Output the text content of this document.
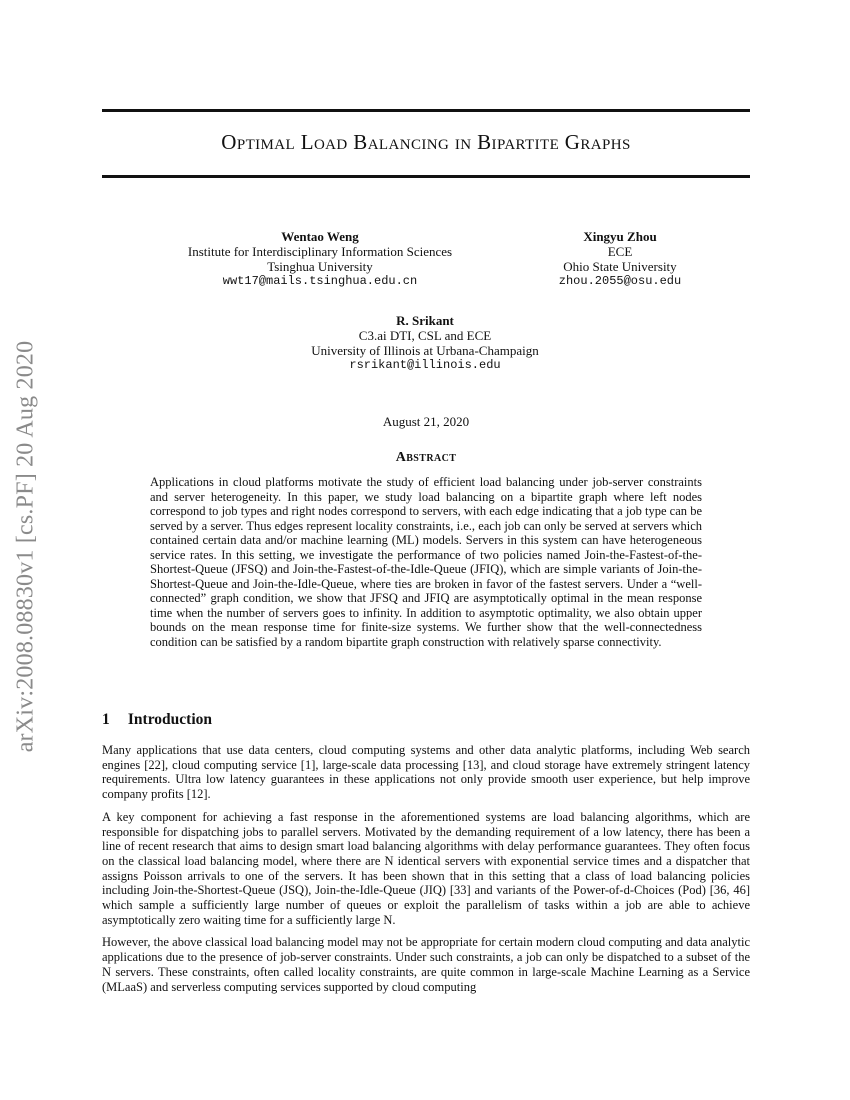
arXiv:2008.08830v1 [cs.PF] 20 Aug 2020
Optimal Load Balancing in Bipartite Graphs
Wentao Weng
Institute for Interdisciplinary Information Sciences
Tsinghua University
wwt17@mails.tsinghua.edu.cn
Xingyu Zhou
ECE
Ohio State University
zhou.2055@osu.edu
R. Srikant
C3.ai DTI, CSL and ECE
University of Illinois at Urbana-Champaign
rsrikant@illinois.edu
August 21, 2020
Abstract
Applications in cloud platforms motivate the study of efficient load balancing under job-server constraints and server heterogeneity. In this paper, we study load balancing on a bipartite graph where left nodes correspond to job types and right nodes correspond to servers, with each edge indicating that a job type can be served by a server. Thus edges represent locality constraints, i.e., each job can only be served at servers which contained certain data and/or machine learning (ML) models. Servers in this system can have heterogeneous service rates. In this setting, we investigate the performance of two policies named Join-the-Fastest-of-the-Shortest-Queue (JFSQ) and Join-the-Fastest-of-the-Idle-Queue (JFIQ), which are simple variants of Join-the-Shortest-Queue and Join-the-Idle-Queue, where ties are broken in favor of the fastest servers. Under a “well-connected” graph condition, we show that JFSQ and JFIQ are asymptotically optimal in the mean response time when the number of servers goes to infinity. In addition to asymptotic optimality, we also obtain upper bounds on the mean response time for finite-size systems. We further show that the well-connectedness condition can be satisfied by a random bipartite graph construction with relatively sparse connectivity.
1 Introduction

Many applications that use data centers, cloud computing systems and other data analytic platforms, including Web search engines [22], cloud computing service [1], large-scale data processing [13], and cloud storage have extremely stringent latency requirements. Ultra low latency guarantees in these applications not only provide smooth user experience, but help improve company profits [12].

A key component for achieving a fast response in the aforementioned systems are load balancing algorithms, which are responsible for dispatching jobs to parallel servers. Motivated by the demanding requirement of a low latency, there has been a line of recent research that aims to design smart load balancing algorithms with delay performance guarantees. They often focus on the classical load balancing model, where there are N identical servers with exponential service times and a dispatcher that assigns Poisson arrivals to one of the servers. It has been shown that in this setting that a class of load balancing policies including Join-the-Shortest-Queue (JSQ), Join-the-Idle-Queue (JIQ) [33] and variants of the Power-of-d-Choices (Pod) [36, 46] which sample a sufficiently large number of queues or exploit the parallelism of tasks within a job are able to achieve asymptotically zero waiting time for a sufficiently large N.

However, the above classical load balancing model may not be appropriate for certain modern cloud computing and data analytic applications due to the presence of job-server constraints. Under such constraints, a job can only be dispatched to a subset of the N servers. These constraints, often called locality constraints, are quite common in large-scale Machine Learning as a Service (MLaaS) and serverless computing services supported by cloud computing
